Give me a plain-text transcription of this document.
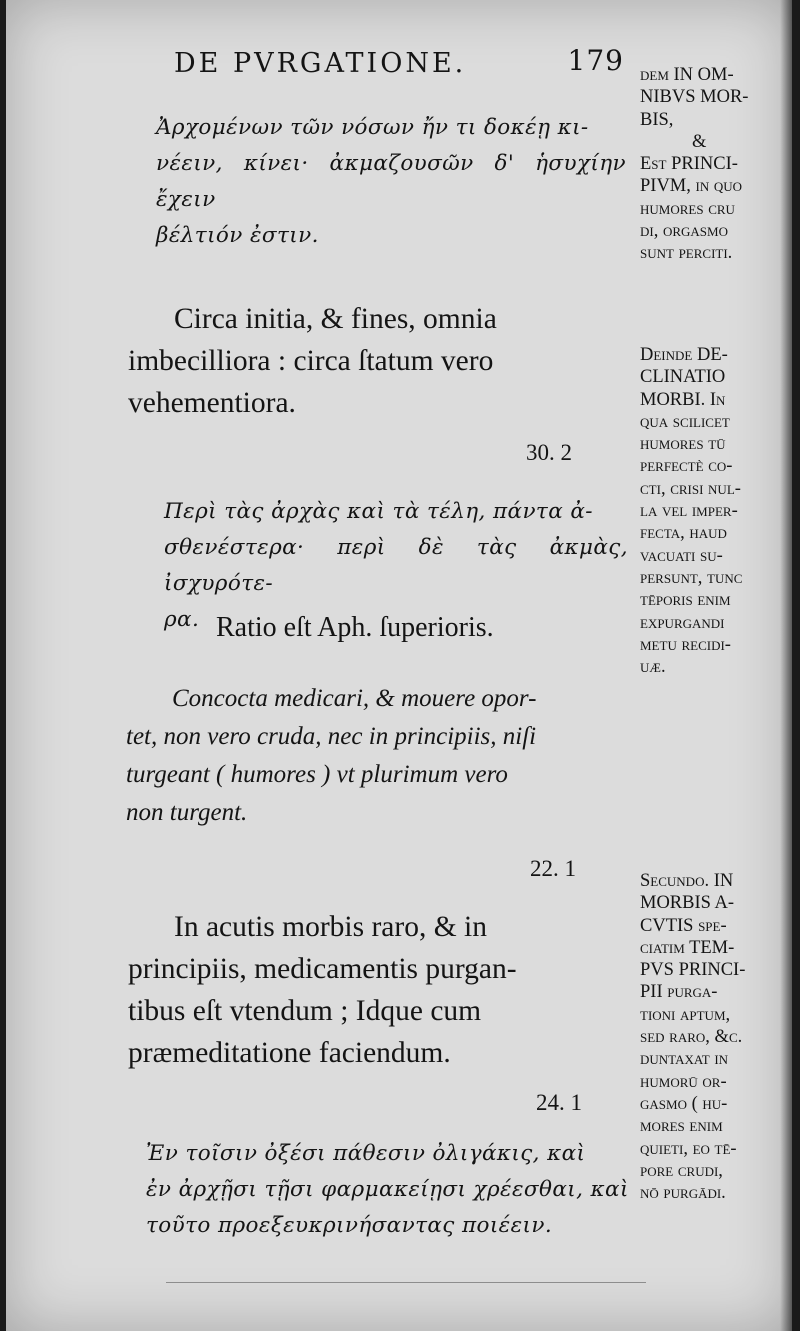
DE PVRGATIONE.	179
Ἀρχομένων τῶν νόσων ἤν τι δοκέῃ κι-
νέειν, κίνει· ἀκμαζουσῶν δ' ἡσυχίην ἔχειν
βέλτιόν ἐστιν.
Circa initia, & fines, omnia
imbecilliora : circa ſtatum vero
vehementiora.
30. 2
Περὶ τὰς ἀρχὰς καὶ τὰ τέλη, πάντα ἀ-
σθενέστερα· περὶ δὲ τὰς ἀκμὰς, ἰσχυρότε-
ρα. Ratio eſt Aph. ſuperioris.
Concocta medicari, & mouere opor-
tet, non vero cruda, nec in principiis, niſi
turgeant ( humores ) vt plurimum vero
non turgent.
22. 1
In acutis morbis raro, & in
principiis, medicamentis purgan-
tibus eſt vtendum ; Idque cum
præmeditatione faciendum.
24. 1
Ἐν τοῖσιν ὀξέσι πάθεσιν ὀλιγάκις, καὶ
ἐν ἀρχῇσι τῇσι φαρμακείῃσι χρέεσθαι, καὶ
τοῦτο προεξευκρινήσαντας ποιέειν.
dem IN OM-
NIBVS MOR-
BIS,
&
Eſt PRINCI-
PIVM, in quo
humores cru
di, orgaſmo
ſunt perciti.
Deinde DE-
CLINATIO
MORBI. In
qua ſcilicet
humores tū
perfectè co-
cti, criſi nul-
la vel imper-
fecta, haud
vacuati ſu-
perſunt, tunc
tēporis enim
expurgandi
metu recidi-
uæ.
Secundo. IN
MORBIS A-
CVTIS ſpe-
ciatim TEM-
PVS PRINCI-
PII purga-
tioni aptum,
ſed raro, &c.
duntaxat in
humorū or-
gaſmo ( hu-
mores enim
quieti, eo tē-
pore crudi,
nō purgādi.
